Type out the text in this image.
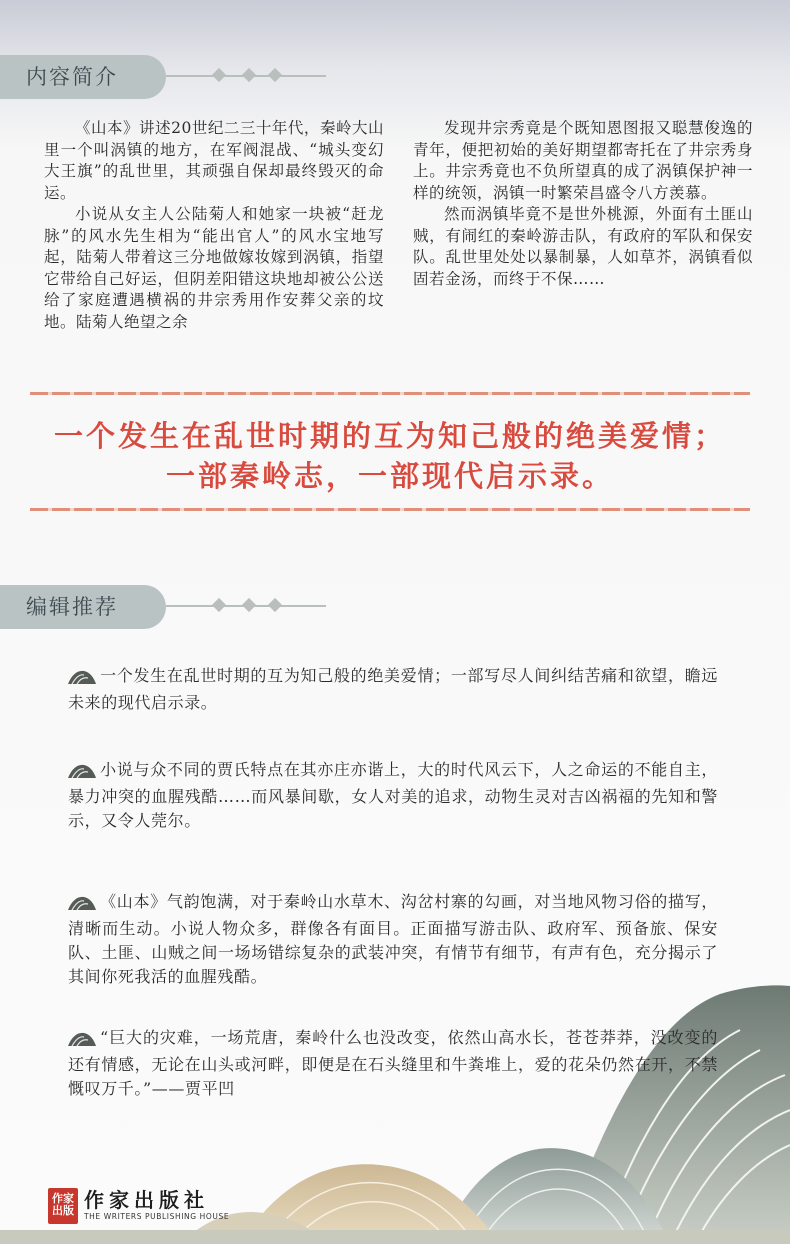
内容简介

《山本》讲述20世纪二三十年代，秦岭大山里一个叫涡镇的地方，在军阀混战、“城头变幻大王旗”的乱世里，其顽强自保却最终毁灭的命运。

小说从女主人公陆菊人和她家一块被“赶龙脉”的风水先生相为“能出官人”的风水宝地写起，陆菊人带着这三分地做嫁妆嫁到涡镇，指望它带给自己好运，但阴差阳错这块地却被公公送给了家庭遭遇横祸的井宗秀用作安葬父亲的坟地。陆菊人绝望之余

发现井宗秀竟是个既知恩图报又聪慧俊逸的青年，便把初始的美好期望都寄托在了井宗秀身上。井宗秀竟也不负所望真的成了涡镇保护神一样的统领，涡镇一时繁荣昌盛令八方羡慕。

然而涡镇毕竟不是世外桃源，外面有土匪山贼，有闹红的秦岭游击队，有政府的军队和保安队。乱世里处处以暴制暴，人如草芥，涡镇看似固若金汤，而终于不保……

一个发生在乱世时期的互为知己般的绝美爱情；
一部秦岭志，一部现代启示录。
编辑推荐
一个发生在乱世时期的互为知己般的绝美爱情；一部写尽人间纠结苦痛和欲望，瞻远未来的现代启示录。
小说与众不同的贾氏特点在其亦庄亦谐上，大的时代风云下，人之命运的不能自主，暴力冲突的血腥残酷……而风暴间歇，女人对美的追求，动物生灵对吉凶祸福的先知和警示，又令人莞尔。
《山本》气韵饱满，对于秦岭山水草木、沟岔村寨的勾画，对当地风物习俗的描写，清晰而生动。小说人物众多，群像各有面目。正面描写游击队、政府军、预备旅、保安队、土匪、山贼之间一场场错综复杂的武装冲突，有情节有细节，有声有色，充分揭示了其间你死我活的血腥残酷。
“巨大的灾难，一场荒唐，秦岭什么也没改变，依然山高水长，苍苍莽莽，没改变的还有情感，无论在山头或河畔，即便是在石头缝里和牛粪堆上，爱的花朵仍然在开，不禁慨叹万千。”——贾平凹
作家出版 作家出版社
THE WRITERS PUBLISHING HOUSE
